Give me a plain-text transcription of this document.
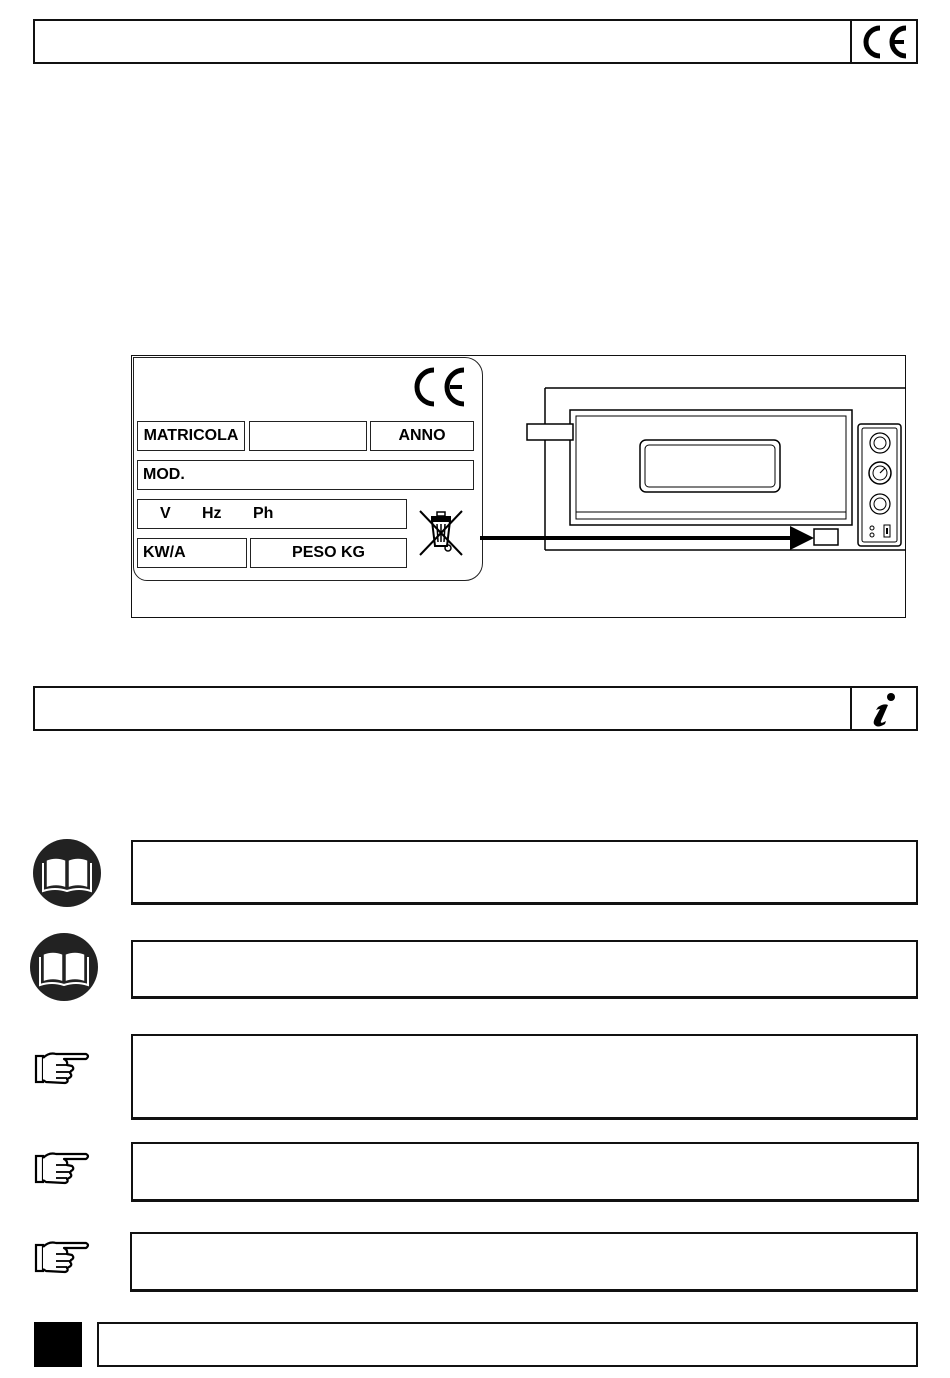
MATRICOLA	ANNO
MOD.
V Hz Ph
KW/A	PESO KG
